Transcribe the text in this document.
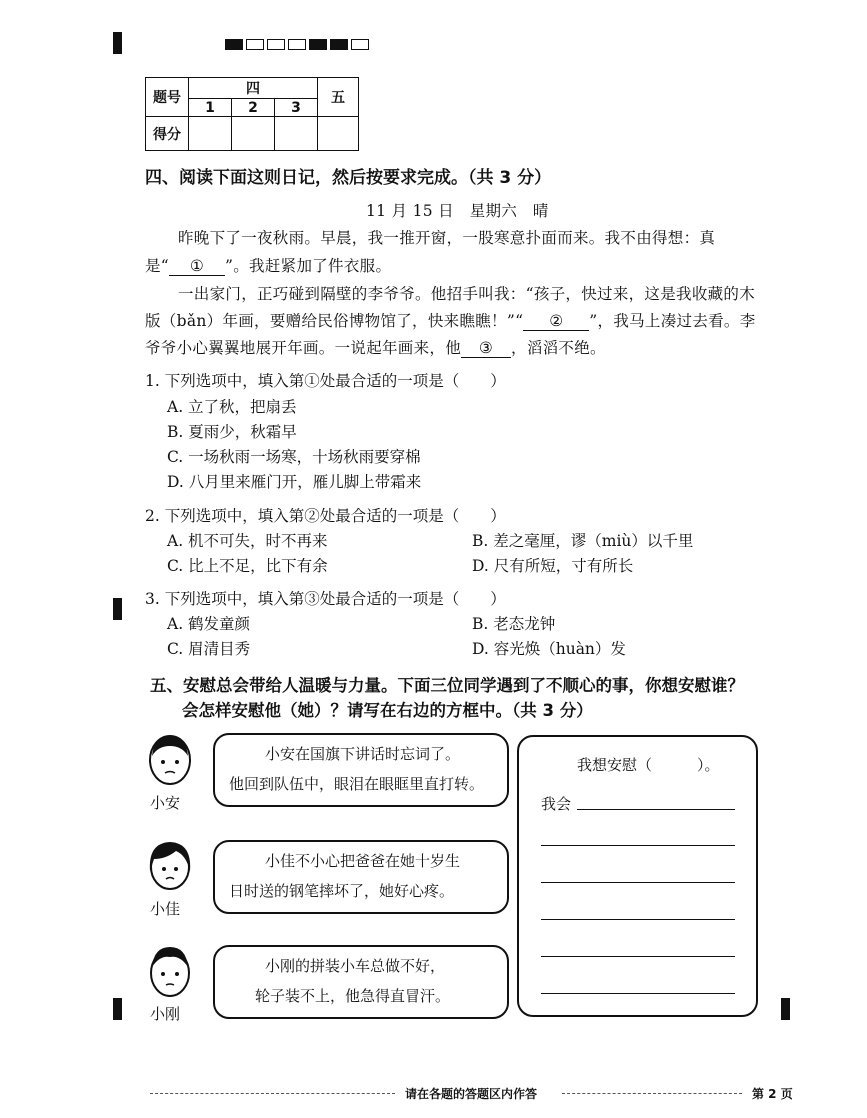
题号	四			五
	1	2	3	
得分				
四、阅读下面这则日记，然后按要求完成。（共 3 分）
11 月 15 日　星期六　晴
昨晚下了一夜秋雨。早晨，我一推开窗，一股寒意扑面而来。我不由得想：真
是“ ① ”。我赶紧加了件衣服。
一出家门，正巧碰到隔壁的李爷爷。他招手叫我：“孩子，快过来，这是我收藏的木
版（bǎn）年画，要赠给民俗博物馆了，快来瞧瞧！”“ ② ”，我马上凑过去看。李
爷爷小心翼翼地展开年画。一说起年画来，他 ③ ，滔滔不绝。
1. 下列选项中，填入第①处最合适的一项是（　　）
A. 立了秋，把扇丢
B. 夏雨少，秋霜早
C. 一场秋雨一场寒，十场秋雨要穿棉
D. 八月里来雁门开，雁儿脚上带霜来
2. 下列选项中，填入第②处最合适的一项是（　　）
A. 机不可失，时不再来	B. 差之毫厘，谬（miù）以千里
C. 比上不足，比下有余	D. 尺有所短，寸有所长
3. 下列选项中，填入第③处最合适的一项是（　　）
A. 鹤发童颜	B. 老态龙钟
C. 眉清目秀	D. 容光焕（huàn）发
五、安慰总会带给人温暖与力量。下面三位同学遇到了不顺心的事，你想安慰谁？
会怎样安慰他（她）？请写在右边的方框中。（共 3 分）
小安
小安在国旗下讲话时忘词了。
他回到队伍中，眼泪在眼眶里直打转。
小佳
小佳不小心把爸爸在她十岁生
日时送的钢笔摔坏了，她好心疼。
小刚
小刚的拼装小车总做不好，
轮子装不上，他急得直冒汗。
我想安慰（　　　）。
我会
请在各题的答题区内作答	第 2 页
